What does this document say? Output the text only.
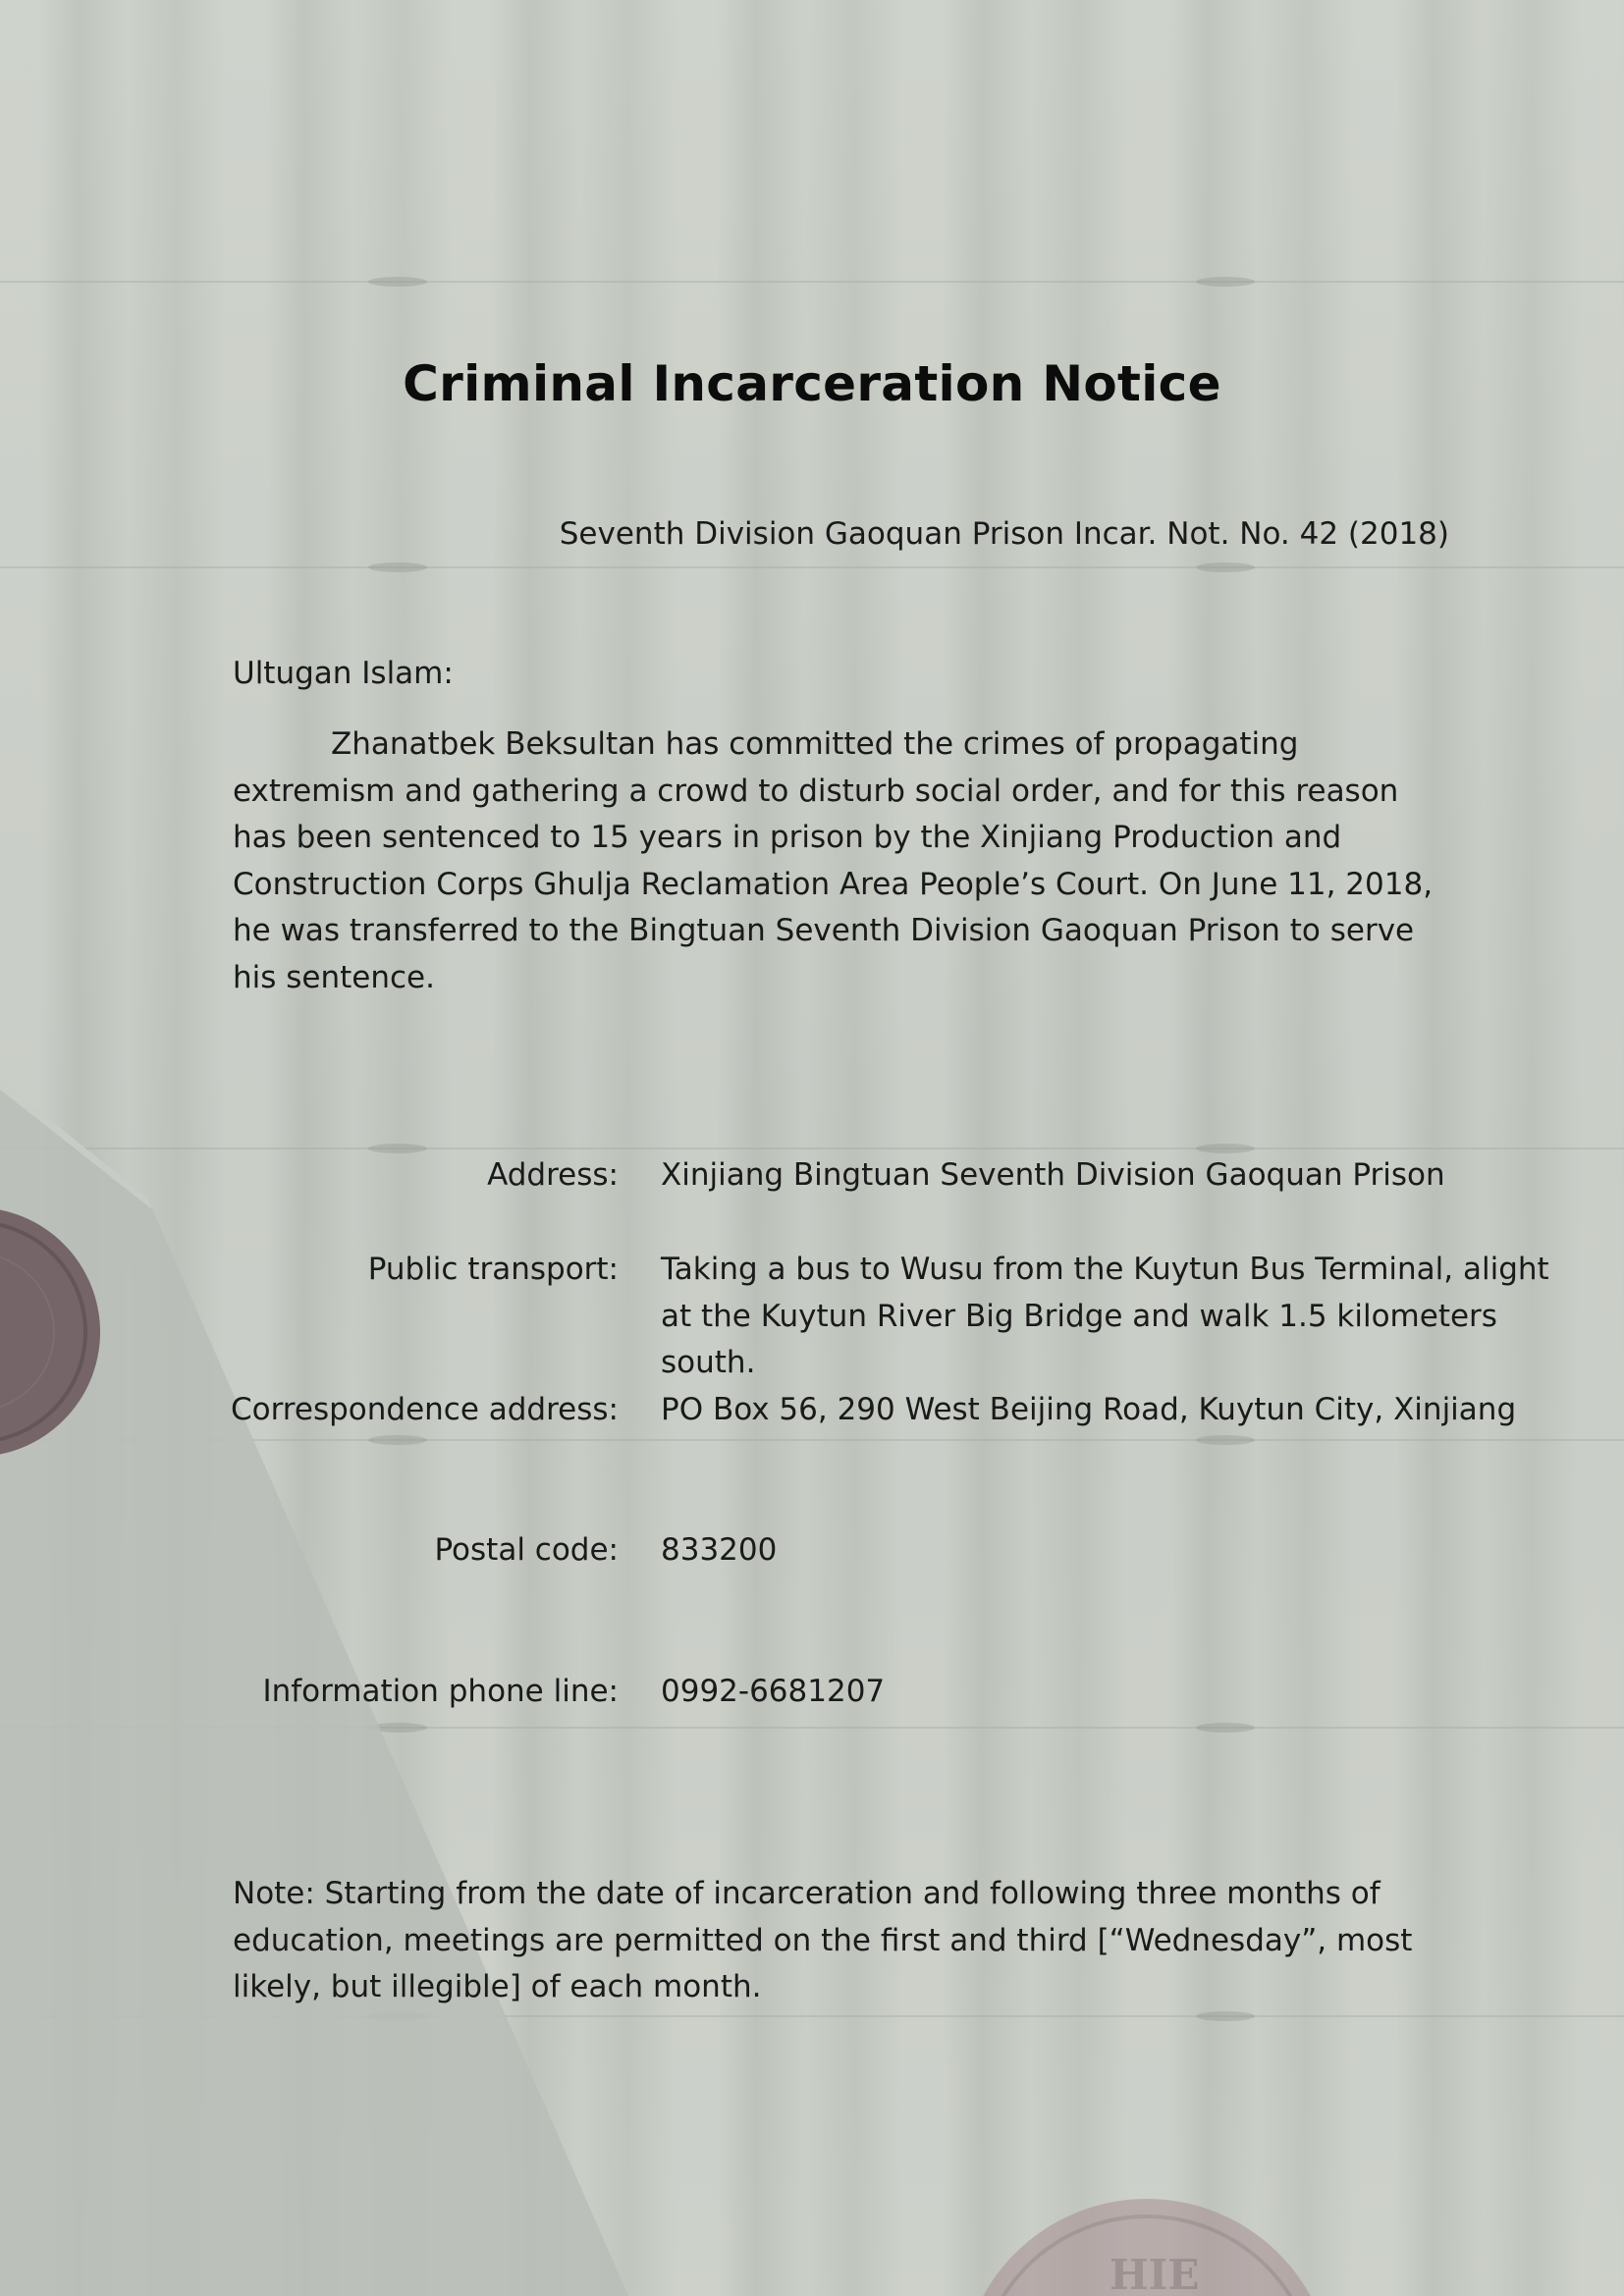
HIE
Criminal Incarceration Notice
Seventh Division Gaoquan Prison Incar. Not. No. 42 (2018)
Ultugan Islam:
Zhanatbek Beksultan has committed the crimes of propagating extremism and gathering a crowd to disturb social order, and for this reason has been sentenced to 15 years in prison by the Xinjiang Production and Construction Corps Ghulja Reclamation Area People’s Court. On June 11, 2018, he was transferred to the Bingtuan Seventh Division Gaoquan Prison to serve his sentence.
Address: Xinjiang Bingtuan Seventh Division Gaoquan Prison
Public transport: Taking a bus to Wusu from the Kuytun Bus Terminal, alight at the Kuytun River Big Bridge and walk 1.5 kilometers south.
Correspondence address: PO Box 56, 290 West Beijing Road, Kuytun City, Xinjiang
Postal code: 833200
Information phone line: 0992-6681207
Note: Starting from the date of incarceration and following three months of education, meetings are permitted on the first and third [“Wednesday”, most likely, but illegible] of each month.
